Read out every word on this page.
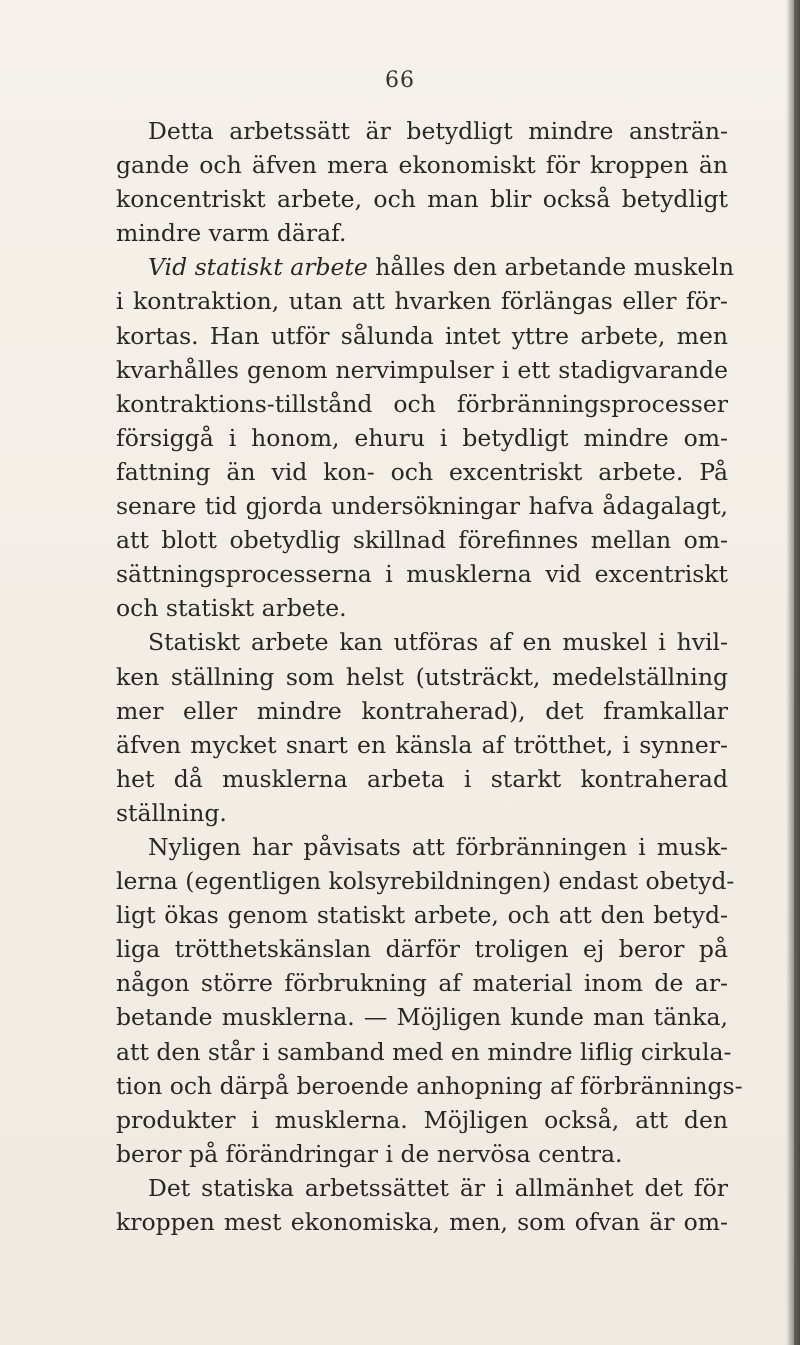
66
Detta arbetssätt är betydligt mindre ansträn-
gande och äfven mera ekonomiskt för kroppen än
koncentriskt arbete, och man blir också betydligt
mindre varm däraf.
Vid statiskt arbete hålles den arbetande muskeln
i kontraktion, utan att hvarken förlängas eller för-
kortas. Han utför sålunda intet yttre arbete, men
kvarhålles genom nervimpulser i ett stadigvarande
kontraktions-tillstånd och förbränningsprocesser
försiggå i honom, ehuru i betydligt mindre om-
fattning än vid kon- och excentriskt arbete. På
senare tid gjorda undersökningar hafva ådagalagt,
att blott obetydlig skillnad förefinnes mellan om-
sättningsprocesserna i musklerna vid excentriskt
och statiskt arbete.
Statiskt arbete kan utföras af en muskel i hvil-
ken ställning som helst (utsträckt, medelställning
mer eller mindre kontraherad), det framkallar
äfven mycket snart en känsla af trötthet, i synner-
het då musklerna arbeta i starkt kontraherad
ställning.
Nyligen har påvisats att förbränningen i musk-
lerna (egentligen kolsyrebildningen) endast obetyd-
ligt ökas genom statiskt arbete, och att den betyd-
liga trötthetskänslan därför troligen ej beror på
någon större förbrukning af material inom de ar-
betande musklerna. — Möjligen kunde man tänka,
att den står i samband med en mindre liflig cirkula-
tion och därpå beroende anhopning af förbrännings-
produkter i musklerna. Möjligen också, att den
beror på förändringar i de nervösa centra.
Det statiska arbetssättet är i allmänhet det för
kroppen mest ekonomiska, men, som ofvan är om-
